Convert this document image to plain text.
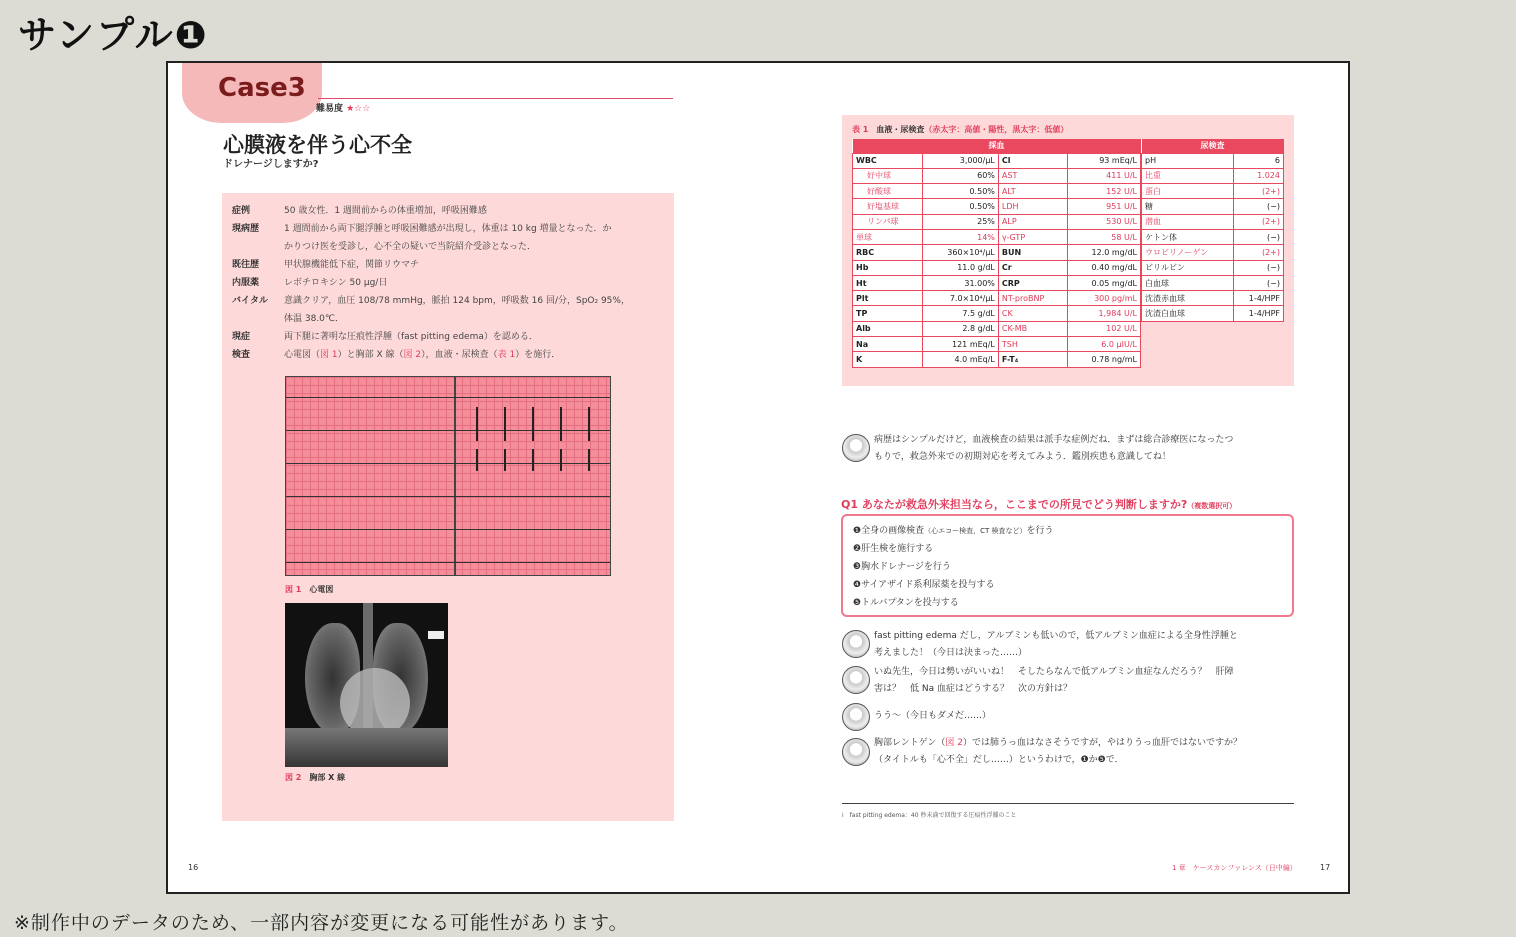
サンプル❶
Case3
難易度 ★☆☆
心膜液を伴う心不全
ドレナージしますか?
症例	50 歳女性．1 週間前からの体重増加，呼吸困難感
現病歴	1 週間前から両下腿浮腫と呼吸困難感が出現し，体重は 10 kg 増量となった．か
かりつけ医を受診し，心不全の疑いで当院紹介受診となった．
既往歴	甲状腺機能低下症，関節リウマチ
内服薬	レボチロキシン 50 μg/日
バイタル 意識クリア，血圧 108/78 mmHg，脈拍 124 bpm，呼吸数 16 回/分，SpO₂ 95%，
体温 38.0℃．
現症	両下腿に著明な圧痕性浮腫（fast pitting edema）を認める．
検査	心電図（図 1）と胸部 X 線（図 2），血液・尿検査（表 1）を施行．
図 1　 心電図
図 2　 胸部 X 線
16
表 1　 血液・尿検査（赤太字：高値・陽性，黒太字：低値）
採血			
WBC	3,000/μL	Cl	93 mEq/L
好中球	60%	AST	411 U/L
好酸球	0.50%	ALT	152 U/L
好塩基球	0.50%	LDH	951 U/L
リンパ球	25%	ALP	530 U/L
単球	14%	γ-GTP	58 U/L
RBC	360×10⁴/μL	BUN	12.0 mg/dL
Hb	11.0 g/dL	Cr	0.40 mg/dL
Ht	31.00%	CRP	0.05 mg/dL
Plt	7.0×10⁴/μL	NT-proBNP	300 pg/mL
TP	7.5 g/dL	CK	1,984 U/L
Alb	2.8 g/dL	CK-MB	102 U/L
Na	121 mEq/L	TSH	6.0 μIU/L
K	4.0 mEq/L	F-T₄	0.78 ng/mL
尿検査	
pH	6
比重	1.024
蛋白	(2+)
糖	(−)
潜血	(2+)
ケトン体	(−)
ウロビリノーゲン	(2+)
ビリルビン	(−)
白血球	(−)
沈渣赤血球	1-4/HPF
沈渣白血球	1-4/HPF
病歴はシンプルだけど，血液検査の結果は派手な症例だね．まずは総合診療医になったつ
もりで，救急外来での初期対応を考えてみよう．鑑別疾患も意識してね！
Q1 あなたが救急外来担当なら，ここまでの所見でどう判断しますか?（複数選択可）
❶全身の画像検査（心エコー検査，CT 検査など）を行う
❷肝生検を施行する
❸胸水ドレナージを行う
❹サイアザイド系利尿薬を投与する
❺トルバプタンを投与する
fast pitting edema だし，アルブミンも低いので，低アルブミン血症による全身性浮腫と
考えました！（今日は決まった……）
いぬ先生，今日は勢いがいいね！　そしたらなんで低アルブミン血症なんだろう？　肝障
害は？　低 Na 血症はどうする？　次の方針は？
うう～（今日もダメだ……）
胸部レントゲン（図 2）では肺うっ血はなさそうですが，やはりうっ血肝ではないですか？
（タイトルも「心不全」だし……）というわけで，❶か❺で．
i　fast pitting edema：40 秒未満で回復する圧痕性浮腫のこと
1 章　ケースカンファレンス（日中編）	17
※制作中のデータのため、一部内容が変更になる可能性があります。
